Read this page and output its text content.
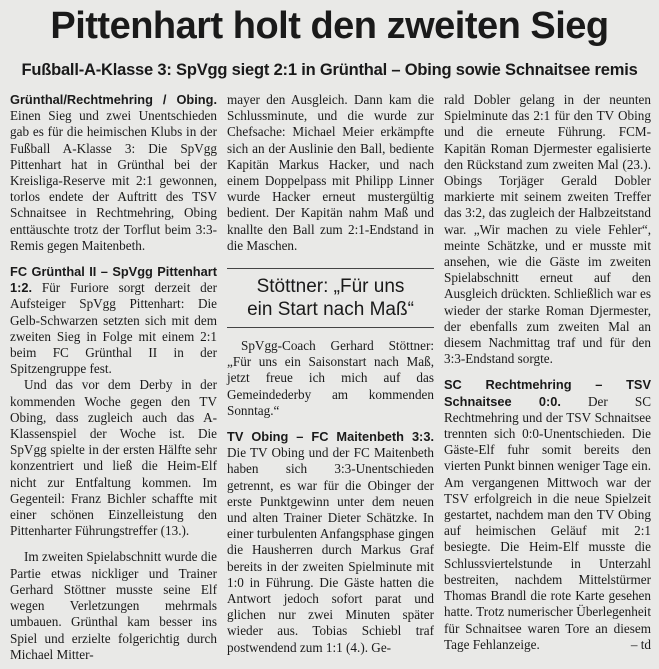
Pittenhart holt den zweiten Sieg
Fußball-A-Klasse 3: SpVgg siegt 2:1 in Grünthal – Obing sowie Schnaitsee remis

Grünthal/Rechtmehring / Obing. Einen Sieg und zwei Unentschieden gab es für die heimischen Klubs in der Fußball A-Klasse 3: Die SpVgg Pittenhart hat in Grünthal bei der Kreisliga-Reserve mit 2:1 gewonnen, torlos endete der Auftritt des TSV Schnaitsee in Rechtmehring, Obing enttäuschte trotz der Torflut beim 3:3-Remis gegen Maitenbeth.

FC Grünthal II – SpVgg Pittenhart 1:2. Für Furiore sorgt derzeit der Aufsteiger SpVgg Pittenhart: Die Gelb-Schwarzen setzten sich mit dem zweiten Sieg in Folge mit einem 2:1 beim FC Grünthal II in der Spitzengruppe fest.

Und das vor dem Derby in der kommenden Woche gegen den TV Obing, dass zugleich auch das A-Klassenspiel der Woche ist. Die SpVgg spielte in der ersten Hälfte sehr konzentriert und ließ die Heim-Elf nicht zur Entfaltung kommen. Im Gegenteil: Franz Bichler schaffte mit einer schönen Einzelleistung den Pittenharter Führungstreffer (13.).

Im zweiten Spielabschnitt wurde die Partie etwas nickliger und Trainer Gerhard Stöttner musste seine Elf wegen Verletzungen mehrmals umbauen. Grünthal kam besser ins Spiel und erzielte folgerichtig durch Michael Mitter-

mayer den Ausgleich. Dann kam die Schlussminute, und die wurde zur Chefsache: Michael Meier erkämpfte sich an der Auslinie den Ball, bediente Kapitän Markus Hacker, und nach einem Doppelpass mit Philipp Linner wurde Hacker erneut mustergültig bedient. Der Kapitän nahm Maß und knallte den Ball zum 2:1-Endstand in die Maschen.

Stöttner: „Für uns
ein Start nach Maß“

SpVgg-Coach Gerhard Stöttner: „Für uns ein Saisonstart nach Maß, jetzt freue ich mich auf das Gemeindederby am kommenden Sonntag.“

TV Obing – FC Maitenbeth 3:3. Die TV Obing und der FC Maitenbeth haben sich 3:3-Unentschieden getrennt, es war für die Obinger der erste Punktgewinn unter dem neuen und alten Trainer Dieter Schätzke. In einer turbulenten Anfangsphase gingen die Hausherren durch Markus Graf bereits in der zweiten Spielminute mit 1:0 in Führung. Die Gäste hatten die Antwort jedoch sofort parat und glichen nur zwei Minuten später wieder aus. Tobias Schiebl traf postwendend zum 1:1 (4.). Ge-

rald Dobler gelang in der neunten Spielminute das 2:1 für den TV Obing und die erneute Führung. FCM-Kapitän Roman Djermester egalisierte den Rückstand zum zweiten Mal (23.). Obings Torjäger Gerald Dobler markierte mit seinem zweiten Treffer das 3:2, das zugleich der Halbzeitstand war. „Wir machen zu viele Fehler“, meinte Schätzke, und er musste mit ansehen, wie die Gäste im zweiten Spielabschnitt erneut auf den Ausgleich drückten. Schließlich war es wieder der starke Roman Djermester, der ebenfalls zum zweiten Mal an diesem Nachmittag traf und für den 3:3-Endstand sorgte.

SC Rechtmehring – TSV Schnaitsee 0:0. Der SC Rechtmehring und der TSV Schnaitsee trennten sich 0:0-Unentschieden. Die Gäste-Elf fuhr somit bereits den vierten Punkt binnen weniger Tage ein. Am vergangenen Mittwoch war der TSV erfolgreich in die neue Spielzeit gestartet, nachdem man den TV Obing auf heimischen Geläuf mit 2:1 besiegte. Die Heim-Elf musste die Schlussviertelstunde in Unterzahl bestreiten, nachdem Mittelstürmer Thomas Brandl die rote Karte gesehen hatte. Trotz numerischer Überlegenheit für Schnaitsee waren Tore an diesem Tage Fehlanzeige.	– td
